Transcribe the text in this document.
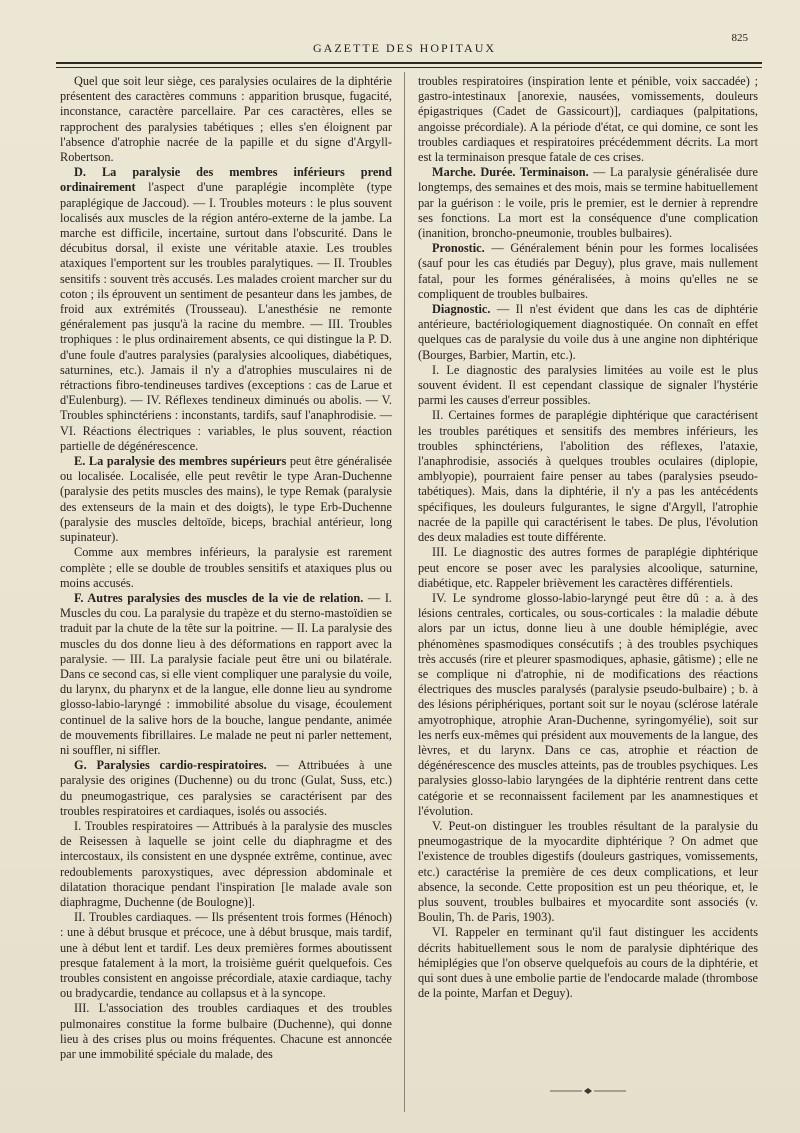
GAZETTE DES HOPITAUX
825

Quel que soit leur siège, ces paralysies oculaires de la diphtérie présentent des caractères communs : apparition brusque, fugacité, inconstance, caractère parcellaire. Par ces caractères, elles se rapprochent des paralysies tabétiques ; elles s'en éloignent par l'absence d'atrophie nacrée de la papille et du signe d'Argyll-Robertson.

D. La paralysie des membres inférieurs prend ordinairement l'aspect d'une paraplégie incomplète (type paraplégique de Jaccoud). — I. Troubles moteurs : le plus souvent localisés aux muscles de la région antéro-externe de la jambe. La marche est difficile, incertaine, surtout dans l'obscurité. Dans le décubitus dorsal, il existe une véritable ataxie. Les troubles ataxiques l'emportent sur les troubles paralytiques. — II. Troubles sensitifs : souvent très accusés. Les malades croient marcher sur du coton ; ils éprouvent un sentiment de pesanteur dans les jambes, de froid aux extrémités (Trousseau). L'anesthésie ne remonte généralement pas jusqu'à la racine du membre. — III. Troubles trophiques : le plus ordinairement absents, ce qui distingue la P. D. d'une foule d'autres paralysies (paralysies alcooliques, diabétiques, saturnines, etc.). Jamais il n'y a d'atrophies musculaires ni de rétractions fibro-tendineuses tardives (exceptions : cas de Larue et d'Eulenburg). — IV. Réflexes tendineux diminués ou abolis. — V. Troubles sphinctériens : inconstants, tardifs, sauf l'anaphrodisie. — VI. Réactions électriques : variables, le plus souvent, réaction partielle de dégénérescence.

E. La paralysie des membres supérieurs peut être généralisée ou localisée. Localisée, elle peut revêtir le type Aran-Duchenne (paralysie des petits muscles des mains), le type Remak (paralysie des extenseurs de la main et des doigts), le type Erb-Duchenne (paralysie des muscles deltoïde, biceps, brachial antérieur, long supinateur).

Comme aux membres inférieurs, la paralysie est rarement complète ; elle se double de troubles sensitifs et ataxiques plus ou moins accusés.

F. Autres paralysies des muscles de la vie de relation. — I. Muscles du cou. La paralysie du trapèze et du sterno-mastoïdien se traduit par la chute de la tête sur la poitrine. — II. La paralysie des muscles du dos donne lieu à des déformations en rapport avec la paralysie. — III. La paralysie faciale peut être uni ou bilatérale. Dans ce second cas, si elle vient compliquer une paralysie du voile, du larynx, du pharynx et de la langue, elle donne lieu au syndrome glosso-labio-laryngé : immobilité absolue du visage, écoulement continuel de la salive hors de la bouche, langue pendante, animée de mouvements fibrillaires. Le malade ne peut ni parler nettement, ni souffler, ni siffler.

G. Paralysies cardio-respiratoires. — Attribuées à une paralysie des origines (Duchenne) ou du tronc (Gulat, Suss, etc.) du pneumogastrique, ces paralysies se caractérisent par des troubles respiratoires et cardiaques, isolés ou associés.

I. Troubles respiratoires — Attribués à la paralysie des muscles de Reisessen à laquelle se joint celle du diaphragme et des intercostaux, ils consistent en une dyspnée extrême, continue, avec redoublements paroxystiques, avec dépression abdominale et dilatation thoracique pendant l'inspiration [le malade avale son diaphragme, Duchenne (de Boulogne)].

II. Troubles cardiaques. — Ils présentent trois formes (Hénoch) : une à début brusque et précoce, une à début brusque, mais tardif, une à début lent et tardif. Les deux premières formes aboutissent presque fatalement à la mort, la troisième guérit quelquefois. Ces troubles consistent en angoisse précordiale, ataxie cardiaque, tachy ou bradycardie, tendance au collapsus et à la syncope.

III. L'association des troubles cardiaques et des troubles pulmonaires constitue la forme bulbaire (Duchenne), qui donne lieu à des crises plus ou moins fréquentes. Chacune est annoncée par une immobilité spéciale du malade, des

troubles respiratoires (inspiration lente et pénible, voix saccadée) ; gastro-intestinaux [anorexie, nausées, vomissements, douleurs épigastriques (Cadet de Gassicourt)], cardiaques (palpitations, angoisse précordiale). A la période d'état, ce qui domine, ce sont les troubles cardiaques et respiratoires précédemment décrits. La mort est la terminaison presque fatale de ces crises.

Marche. Durée. Terminaison. — La paralysie généralisée dure longtemps, des semaines et des mois, mais se termine habituellement par la guérison : le voile, pris le premier, est le dernier à reprendre ses fonctions. La mort est la conséquence d'une complication (inanition, broncho-pneumonie, troubles bulbaires).

Pronostic. — Généralement bénin pour les formes localisées (sauf pour les cas étudiés par Deguy), plus grave, mais nullement fatal, pour les formes généralisées, à moins qu'elles ne se compliquent de troubles bulbaires.

Diagnostic. — Il n'est évident que dans les cas de diphtérie antérieure, bactériologiquement diagnostiquée. On connaît en effet quelques cas de paralysie du voile dus à une angine non diphtérique (Bourges, Barbier, Martin, etc.).

I. Le diagnostic des paralysies limitées au voile est le plus souvent évident. Il est cependant classique de signaler l'hystérie parmi les causes d'erreur possibles.

II. Certaines formes de paraplégie diphtérique que caractérisent les troubles parétiques et sensitifs des membres inférieurs, les troubles sphinctériens, l'abolition des réflexes, l'ataxie, l'anaphrodisie, associés à quelques troubles oculaires (diplopie, amblyopie), pourraient faire penser au tabes (paralysies pseudo-tabétiques). Mais, dans la diphtérie, il n'y a pas les antécédents spécifiques, les douleurs fulgurantes, le signe d'Argyll, l'atrophie nacrée de la papille qui caractérisent le tabes. De plus, l'évolution des deux maladies est toute différente.

III. Le diagnostic des autres formes de paraplégie diphtérique peut encore se poser avec les paralysies alcoolique, saturnine, diabétique, etc. Rappeler brièvement les caractères différentiels.

IV. Le syndrome glosso-labio-laryngé peut être dû : a. à des lésions centrales, corticales, ou sous-corticales : la maladie débute alors par un ictus, donne lieu à une double hémiplégie, avec phénomènes spasmodiques consécutifs ; à des troubles psychiques très accusés (rire et pleurer spasmodiques, aphasie, gâtisme) ; elle ne se complique ni d'atrophie, ni de modifications des réactions électriques des muscles paralysés (paralysie pseudo-bulbaire) ; b. à des lésions périphériques, portant soit sur le noyau (sclérose latérale amyotrophique, atrophie Aran-Duchenne, syringomyélie), soit sur les nerfs eux-mêmes qui président aux mouvements de la langue, des lèvres, et du larynx. Dans ce cas, atrophie et réaction de dégénérescence des muscles atteints, pas de troubles psychiques. Les paralysies glosso-labio laryngées de la diphtérie rentrent dans cette catégorie et se reconnaissent facilement par les anamnestiques et l'évolution.

V. Peut-on distinguer les troubles résultant de la paralysie du pneumogastrique de la myocardite diphtérique ? On admet que l'existence de troubles digestifs (douleurs gastriques, vomissements, etc.) caractérise la première de ces deux complications, et leur absence, la seconde. Cette proposition est un peu théorique, et, le plus souvent, troubles bulbaires et myocardite sont associés (v. Boulin, Th. de Paris, 1903).

VI. Rappeler en terminant qu'il faut distinguer les accidents décrits habituellement sous le nom de paralysie diphtérique des hémiplégies que l'on observe quelquefois au cours de la diphtérie, et qui sont dues à une embolie partie de l'endocarde malade (thrombose de la pointe, Marfan et Deguy).
